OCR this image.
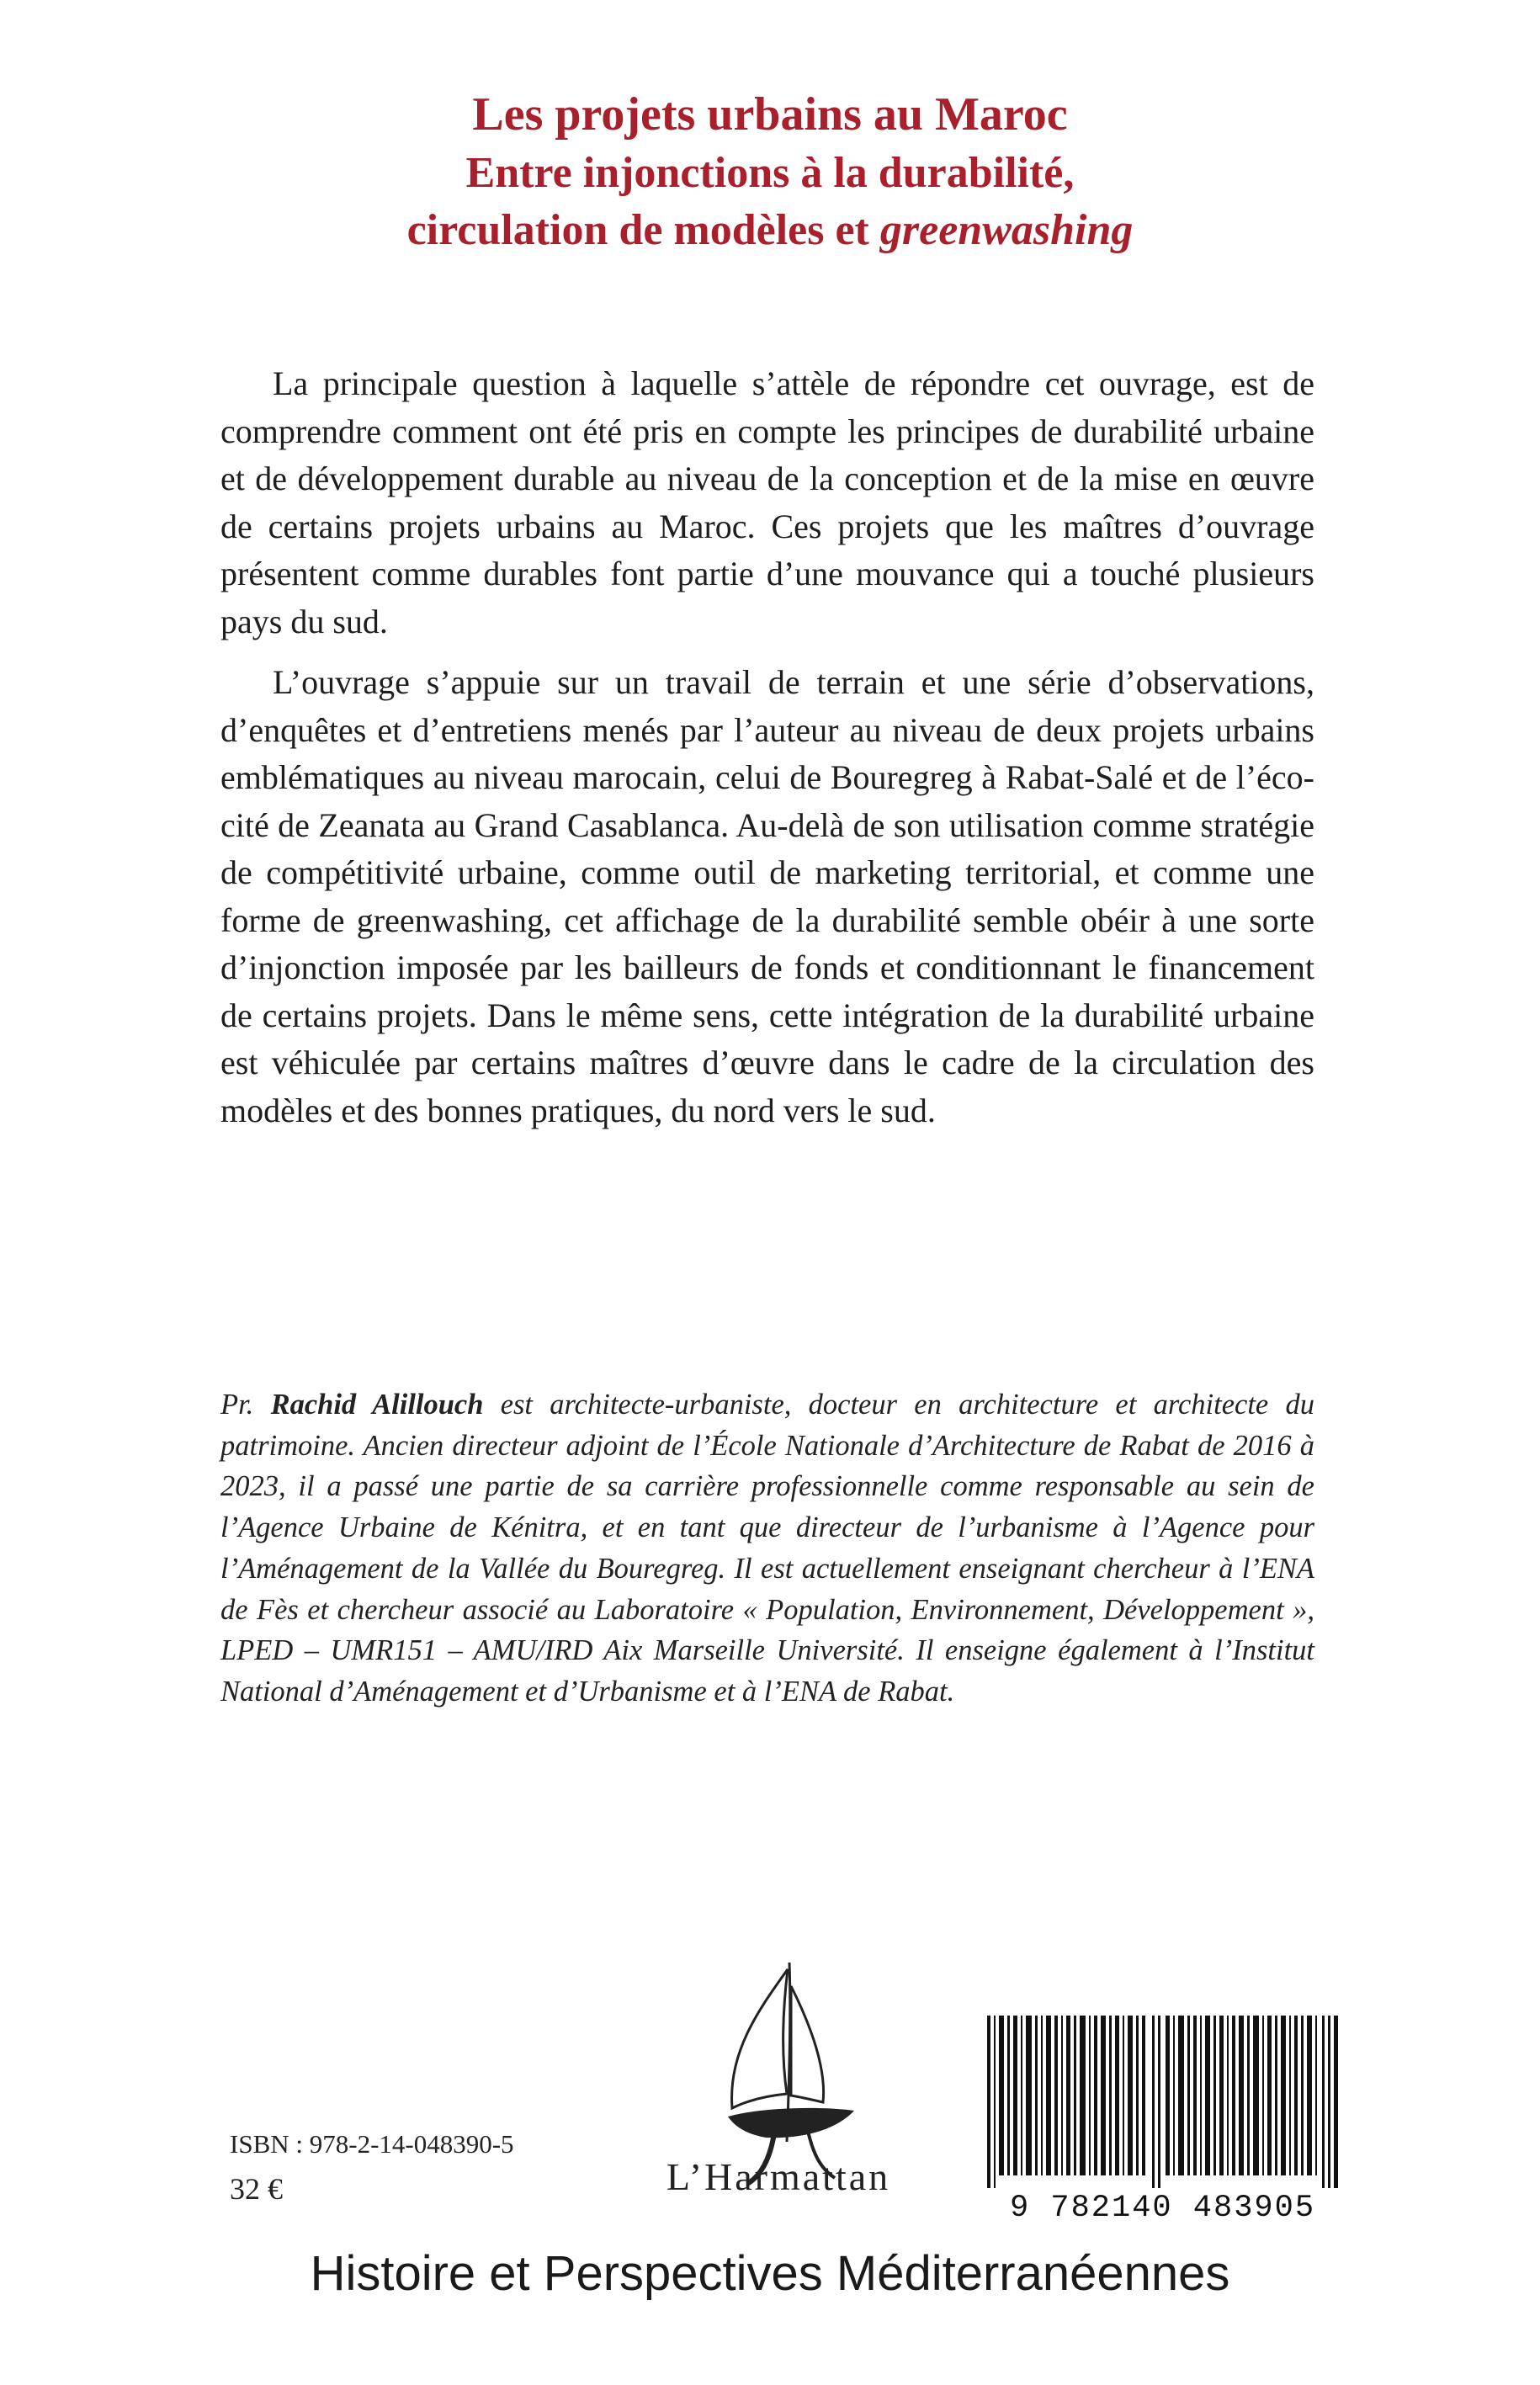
Les projets urbains au Maroc
Entre injonctions à la durabilité,
circulation de modèles et greenwashing

La principale question à laquelle s’attèle de répondre cet ouvrage, est de comprendre comment ont été pris en compte les principes de durabilité urbaine et de développement durable au niveau de la conception et de la mise en œuvre de certains projets urbains au Maroc. Ces projets que les maîtres d’ouvrage présentent comme durables font partie d’une mouvance qui a touché plusieurs pays du sud.

L’ouvrage s’appuie sur un travail de terrain et une série d’observations, d’enquêtes et d’entretiens menés par l’auteur au niveau de deux projets urbains emblématiques au niveau marocain, celui de Bouregreg à Rabat-Salé et de l’éco-cité de Zeanata au Grand Casablanca. Au-delà de son utilisation comme stratégie de compétitivité urbaine, comme outil de marketing territorial, et comme une forme de greenwashing, cet affichage de la durabilité semble obéir à une sorte d’injonction imposée par les bailleurs de fonds et conditionnant le financement de certains projets. Dans le même sens, cette intégration de la durabilité urbaine est véhiculée par certains maîtres d’œuvre dans le cadre de la circulation des modèles et des bonnes pratiques, du nord vers le sud.

Pr. Rachid Alillouch est architecte-urbaniste, docteur en architecture et architecte du patrimoine. Ancien directeur adjoint de l’École Nationale d’Architecture de Rabat de 2016 à 2023, il a passé une partie de sa carrière professionnelle comme responsable au sein de l’Agence Urbaine de Kénitra, et en tant que directeur de l’urbanisme à l’Agence pour l’Aménagement de la Vallée du Bouregreg. Il est actuellement enseignant chercheur à l’ENA de Fès et chercheur associé au Laboratoire « Population, Environnement, Développement », LPED – UMR151 – AMU/IRD Aix Marseille Université. Il enseigne également à l’Institut National d’Aménagement et d’Urbanisme et à l’ENA de Rabat.
L’Harmattan
ISBN : 978-2-14-048390-5
32 €
9 782140 483905
Histoire et Perspectives Méditerranéennes
